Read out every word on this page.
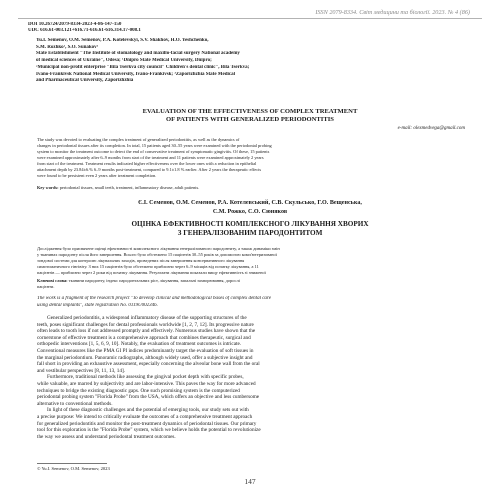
ISSN 2079-8334. Світ медицини та біології. 2023. № 4 (86)
DOI 10.26724/2079-8334-2023-4-86-147-150
UDC 616.61-003.121+616.71-616.61-616.314.17-008.1
Yu.I. Semenov, O.M. Semenov, P.A. Kotelevskyi, S.V. Shakhov, H.O. Yeshchenko,
S.M. Rozhko¹, S.O. Sunakov¹
State Establishment "The Institute of stomatology and maxillo-facial surgery National academy
of medical sciences of Ukraine", Odesa; ¹Dnipro State Medical University, Dnipro;
²Municipal non-profit enterprise "Bila Tserkva city council" Children's dental clinic", Bila Tserkva;
Ivano-Frankivsk National Medical University, Ivano-Frankivsk; ³Zaporizhzhia State Medical
and Pharmaceutical University, Zaporizhzhia
EVALUATION OF THE EFFECTIVENESS OF COMPLEX TREATMENT
OF PATIENTS WITH GENERALIZED PERIODONTITIS
e-mail: olexmedvega@gmail.com
The study was devoted to evaluating the complex treatment of generalized periodontitis, as well as the dynamics of
changes in periodontal tissues after its completion. In total, 15 patients aged 30–55 years were examined with the periodontal probing
system to monitor the treatment outcome to detect the end of conservative treatment of symptomatic gingivitis. Of these, 15 patients
were examined approximately after 6–9 months from start of the treatment and 11 patients were examined approximately 2 years
from start of the treatment. Treatment results indicated higher effectiveness over the lower ones with a reduction in epithelial
attachment depth by 23.84±6.% 6–9 months post-treatment, compared to 9.1±1.8 % earlier. After 2 years the therapeutic effects
were found to be persistent even 2 years after treatment completion.
Key words: periodontal tissues, small teeth, treatment, inflammatory disease, adult patients.
Є.І. Семенов, О.М. Семенов, Р.А. Котелевський, С.В. Скульсько, Г.О. Вещенська,
С.М. Рожко, С.О. Сюняков
ОЦІНКА ЕФЕКТИВНОСТІ КОМПЛЕКСНОГО ЛІКУВАННЯ ХВОРИХ
З ГЕНЕРАЛІЗОВАНИМ ПАРОДОНТИТОМ
Дослідження було присвячене оцінці ефективності комплексного лікування генералізованого пародонтиту, а також динаміки змін
у тканинах пародонту після його завершення. Всього було обстежено 15 пацієнтів 30–55 років за допомогою комп'ютеризованої
зондової системи для контролю лікувальних заходів, проведених після завершення консервативного лікування
симптоматичного гінгівіту. З них 15 пацієнтів було обстежено приблизно через 6–9 місяців від початку лікування, а 11
пацієнтів — приблизно через 2 роки від початку лікування. Результати лікування показали вищу ефективність зі зниженої
Ключові слова: тканини пародонту, індекс пародонтальних ріст, лікування, запальні захворювання, дорослі
пацієнти.
The work is a fragment of the research project "To develop clinical and methodological bases of complex dental care
using dental implants", state registration No. 0119U002346.

Generalized periodontitis, a widespread inflammatory disease of the supporting structures of the
teeth, poses significant challenges for dental professionals worldwide [1, 2, 7, 12]. Its progressive nature
often leads to tooth loss if not addressed promptly and effectively. Numerous studies have shown that the
cornerstone of effective treatment is a comprehensive approach that combines therapeutic, surgical and
orthopedic interventions [1, 5, 6, 9, 10]. Notably, the evaluation of treatment outcomes is intricate.
Conventional measures like the PMA GI PI indices predominantly target the evaluation of soft tissues in
the marginal periodontium. Panoramic radiographs, although widely used, offer a subjective insight and
fall short in providing an exhaustive assessment, especially concerning the alveolar bone wall from the oral
and vestibular perspectives [8, 11, 13, 14].

Furthermore, traditional methods like assessing the gingival pocket depth with specific probes,
while valuable, are marred by subjectivity and are labor-intensive. This paves the way for more advanced
techniques to bridge the existing diagnostic gaps. One such promising system is the computerized
periodontal probing system "Florida Probe" from the USA, which offers an objective and less cumbersome
alternative to conventional methods.

In light of these diagnostic challenges and the potential of emerging tools, our study sets out with
a precise purpose: We intend to critically evaluate the outcomes of a comprehensive treatment approach
for generalized periodontitis and monitor the post-treatment dynamics of periodontal tissues. Our primary
tool for this exploration is the "Florida Probe" system, which we believe holds the potential to revolutionize
the way we assess and understand periodontal treatment outcomes.

© Yu.I. Semenov, O.M. Semenov, 2023
147
